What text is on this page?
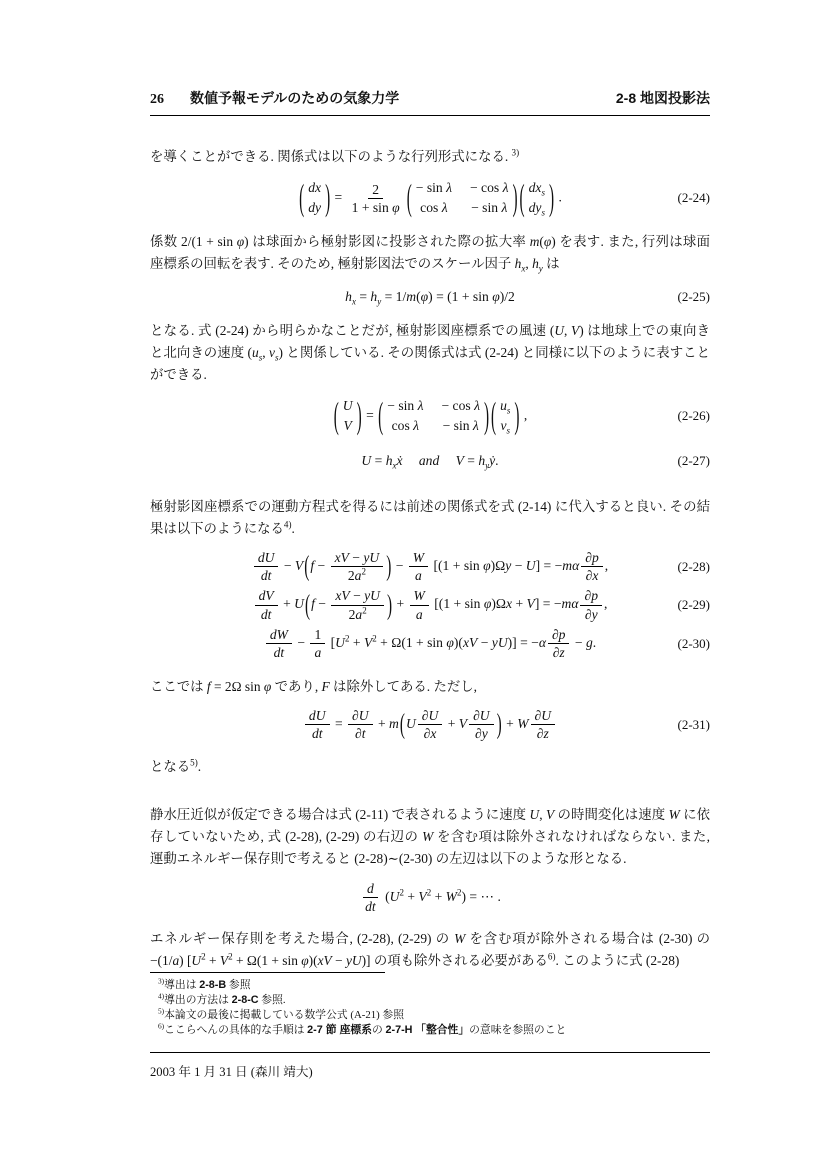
26 数値予報モデルのための気象力学	2-8 地図投影法

を導くことができる. 関係式は以下のような行列形式になる. $^{3)}$

( dx
dy ) = $\frac{2}{\text{1 + sin φ}}$ ( − sin λ − cos λ
cos λ − sin λ ) ( $dx_s$
$dy_s$ ) .	(2-24)

係数 2/(1 + sin φ) は球面から極射影図に投影された際の拡大率 m(φ) を表す. また, 行列は球面座標系の回転を表す. そのため, 極射影図法でのスケール因子 $h_x$, $h_y$ は

$h_x = h_y = 1/m(\varphi) = (1 + \sin \varphi)/2$	(2-25)

となる. 式 (2-24) から明らかなことだが, 極射影図座標系での風速 (U, V) は地球上での東向きと北向きの速度 ($u_s$, $v_s$) と関係している. その関係式は式 (2-24) と同様に以下のように表すことができる.

( U
V ) = ( − sin λ − cos λ
cos λ − sin λ ) ( $u_s$
$v_s$ ) ,	(2-26)
$U = h_xẋ$ and $V = h_yẏ$.	(2-27)

極射影図座標系での運動方程式を得るには前述の関係式を式 (2-14) に代入すると良い. その結果は以下のようになる$^{4)}$.

$\frac{dU}{dt} - V$ ( $f - \frac{xV - yU}{2a^2}$ ) − $\frac{W}{a} [(1 + \sin \varphi)\Omega y - U] = -m\alpha \frac{\partial p}{\partial x}$ ,	(2-28)
$\frac{dV}{dt} + U$ ( $f - \frac{xV - yU}{2a^2}$ ) + $\frac{W}{a} [(1 + \sin \varphi)\Omega x + V] = -m\alpha \frac{\partial p}{\partial y}$ ,	(2-29)
$\frac{dW}{dt} - \frac{1}{a} [U^2 + V^2 + \Omega(1 + \sin \varphi)(xV - yU)] = -\alpha \frac{\partial p}{\partial z} - g$.	(2-30)

ここでは f = 2Ω sin φ であり, F は除外してある. ただし,

$\frac{dU}{dt} = \frac{\partial U}{\partial t} + m$ ( U $\frac{\partial U}{\partial x} + V \frac{\partial U}{\partial y}$ ) + W $\frac{\partial U}{\partial z}$	(2-31)

となる$^{5)}$.

静水圧近似が仮定できる場合は式 (2-11) で表されるように速度 U, V の時間変化は速度 W に依存していないため, 式 (2-28), (2-29) の右辺の W を含む項は除外されなければならない. また, 運動エネルギー保存則で考えると (2-28)∼(2-30) の左辺は以下のような形となる.

$\frac{d}{dt} (U^2 + V^2 + W^2)$ = ⋯ .

エネルギー保存則を考えた場合, (2-28), (2-29) の W を含む項が除外される場合は (2-30) の −(1/a) $[U^2 + V^2 + \Omega(1 + \sin \varphi)(xV - yU)]$ の項も除外される必要がある$^{6)}$. このように式 (2-28)

$^{3)}$導出は 2-8-B 参照
$^{4)}$導出の方法は 2-8-C 参照.
$^{5)}$本論文の最後に掲載している数学公式 (A-21) 参照
$^{6)}$ここらへんの具体的な手順は 2-7 節 座標系の 2-7-H 「整合性」の意味を参照のこと
2003 年 1 月 31 日 (森川 靖大)
